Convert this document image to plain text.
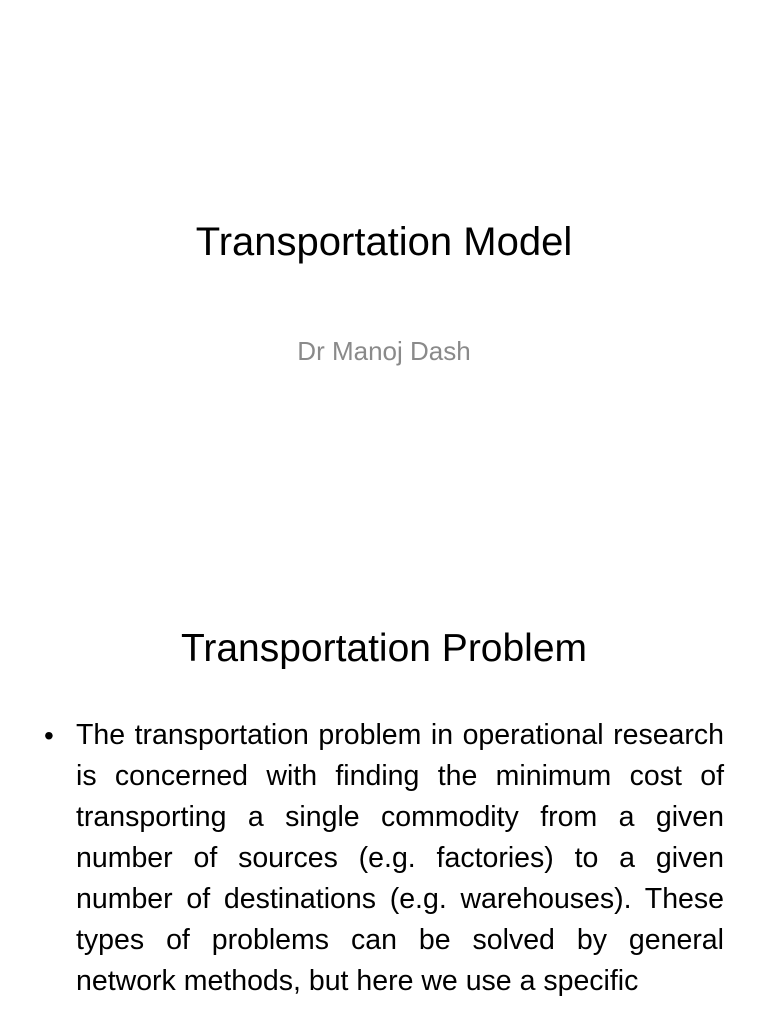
Transportation Model

Dr Manoj Dash

Transportation Problem
• The transportation problem in operational research is concerned with finding the minimum cost of transporting a single commodity from a given number of sources (e.g. factories) to a given number of destinations (e.g. warehouses). These types of problems can be solved by general network methods, but here we use a specific
